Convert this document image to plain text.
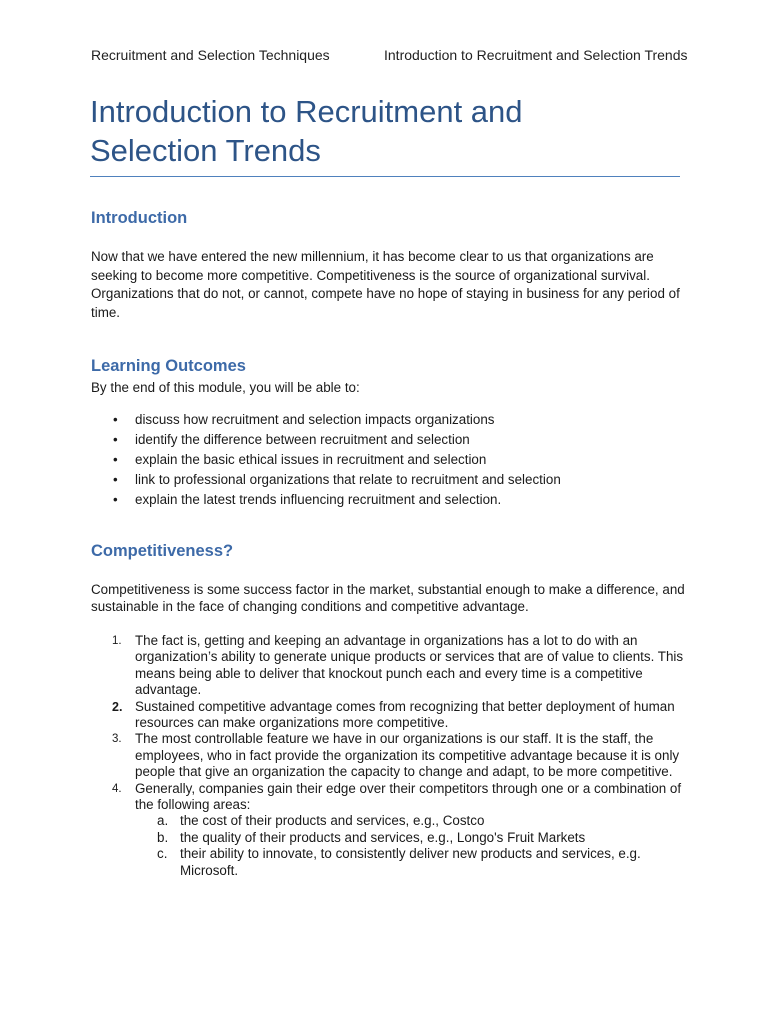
Recruitment and Selection Techniques	Introduction to Recruitment and Selection Trends
Introduction to Recruitment and
Selection Trends
Introduction

Now that we have entered the new millennium, it has become clear to us that organizations are seeking to become more competitive. Competitiveness is the source of organizational survival. Organizations that do not, or cannot, compete have no hope of staying in business for any period of time.

Learning Outcomes

By the end of this module, you will be able to:

• discuss how recruitment and selection impacts organizations
• identify the difference between recruitment and selection
• explain the basic ethical issues in recruitment and selection
• link to professional organizations that relate to recruitment and selection
• explain the latest trends influencing recruitment and selection.
Competitiveness?

Competitiveness is some success factor in the market, substantial enough to make a difference, and sustainable in the face of changing conditions and competitive advantage.

1. The fact is, getting and keeping an advantage in organizations has a lot to do with an organization’s ability to generate unique products or services that are of value to clients. This means being able to deliver that knockout punch each and every time is a competitive advantage.
2. Sustained competitive advantage comes from recognizing that better deployment of human resources can make organizations more competitive.
3. The most controllable feature we have in our organizations is our staff. It is the staff, the employees, who in fact provide the organization its competitive advantage because it is only people that give an organization the capacity to change and adapt, to be more competitive.
4. Generally, companies gain their edge over their competitors through one or a combination of the following areas:
a. the cost of their products and services, e.g., Costco
b. the quality of their products and services, e.g., Longo's Fruit Markets
c. their ability to innovate, to consistently deliver new products and services, e.g. Microsoft.
